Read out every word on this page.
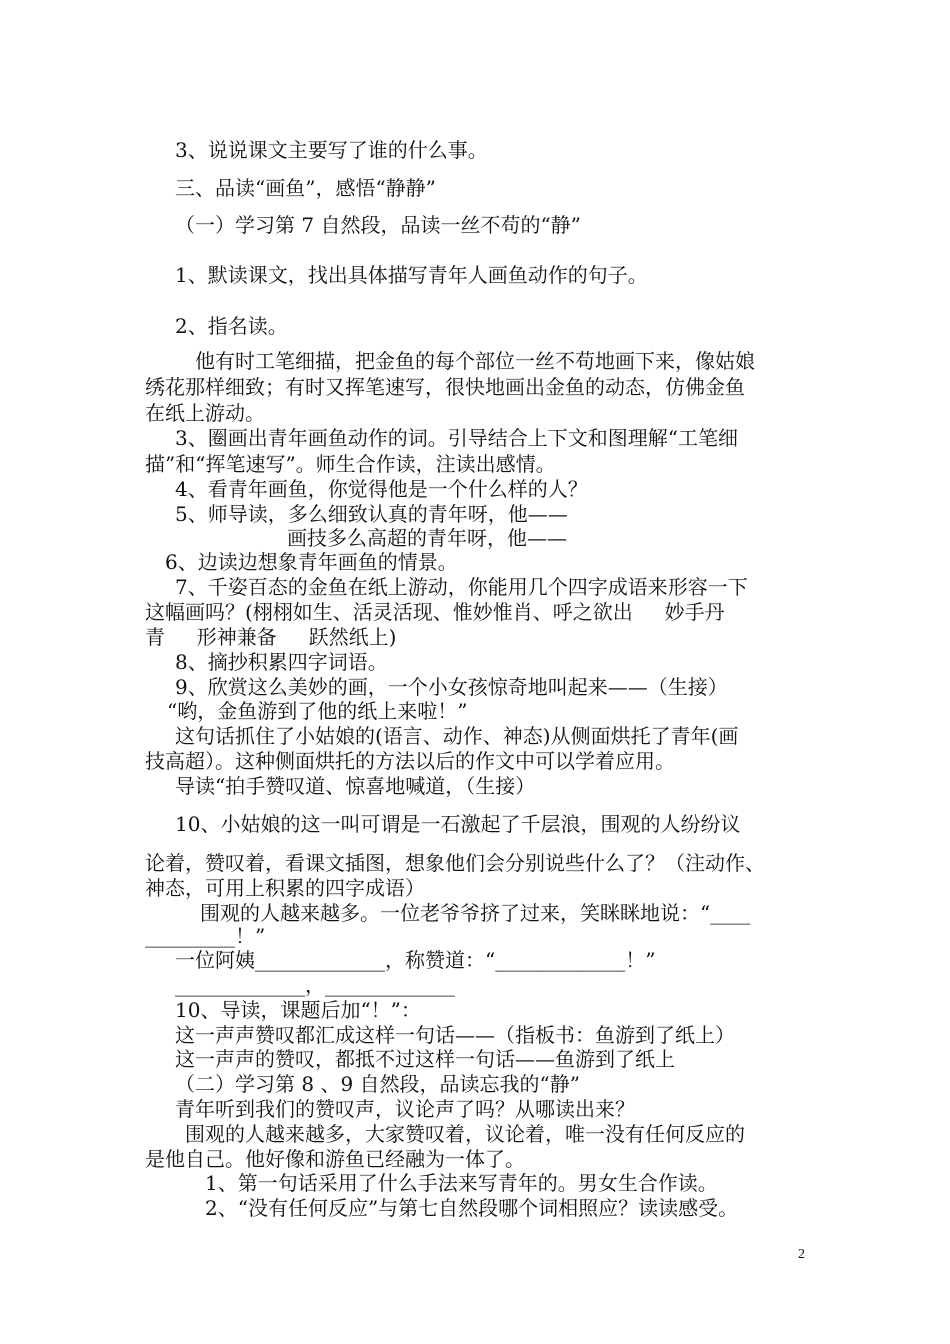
3、说说课文主要写了谁的什么事。
三、品读“画鱼”，感悟“静静”
（一）学习第 7 自然段，品读一丝不苟的“静”
1、默读课文，找出具体描写青年人画鱼动作的句子。
2、指名读。
他有时工笔细描，把金鱼的每个部位一丝不苟地画下来，像姑娘
绣花那样细致；有时又挥笔速写，很快地画出金鱼的动态，仿佛金鱼
在纸上游动。
3、圈画出青年画鱼动作的词。引导结合上下文和图理解“工笔细
描”和“挥笔速写”。师生合作读，注读出感情。
4、看青年画鱼，你觉得他是一个什么样的人？
5、师导读，多么细致认真的青年呀，他——
画技多么高超的青年呀，他——
6、边读边想象青年画鱼的情景。
7、千姿百态的金鱼在纸上游动，你能用几个四字成语来形容一下
这幅画吗？(栩栩如生、活灵活现、惟妙惟肖、呼之欲出     妙手丹
青     形神兼备     跃然纸上)
8、摘抄积累四字词语。
9、欣赏这么美妙的画，一个小女孩惊奇地叫起来——（生接）
“哟，金鱼游到了他的纸上来啦！”
这句话抓住了小姑娘的(语言、动作、神态)从侧面烘托了青年(画
技高超）。这种侧面烘托的方法以后的作文中可以学着应用。
导读“拍手赞叹道、惊喜地喊道，（生接）
10、小姑娘的这一叫可谓是一石激起了千层浪，围观的人纷纷议
论着，赞叹着，看课文插图，想象他们会分别说些什么了？（注动作、
神态，可用上积累的四字成语）
围观的人越来越多。一位老爷爷挤了过来，笑眯眯地说：“____
_________！”
一位阿姨_____________，称赞道：“_____________！”
_____________，_____________
10、导读，课题后加“！”：
这一声声赞叹都汇成这样一句话——（指板书：鱼游到了纸上）
这一声声的赞叹，都抵不过这样一句话——鱼游到了纸上
（二）学习第 8 、9 自然段，品读忘我的“静”
青年听到我们的赞叹声，议论声了吗？从哪读出来？
围观的人越来越多，大家赞叹着，议论着，唯一没有任何反应的
是他自己。他好像和游鱼已经融为一体了。
1、第一句话采用了什么手法来写青年的。男女生合作读。
2、“没有任何反应”与第七自然段哪个词相照应？读读感受。
2
